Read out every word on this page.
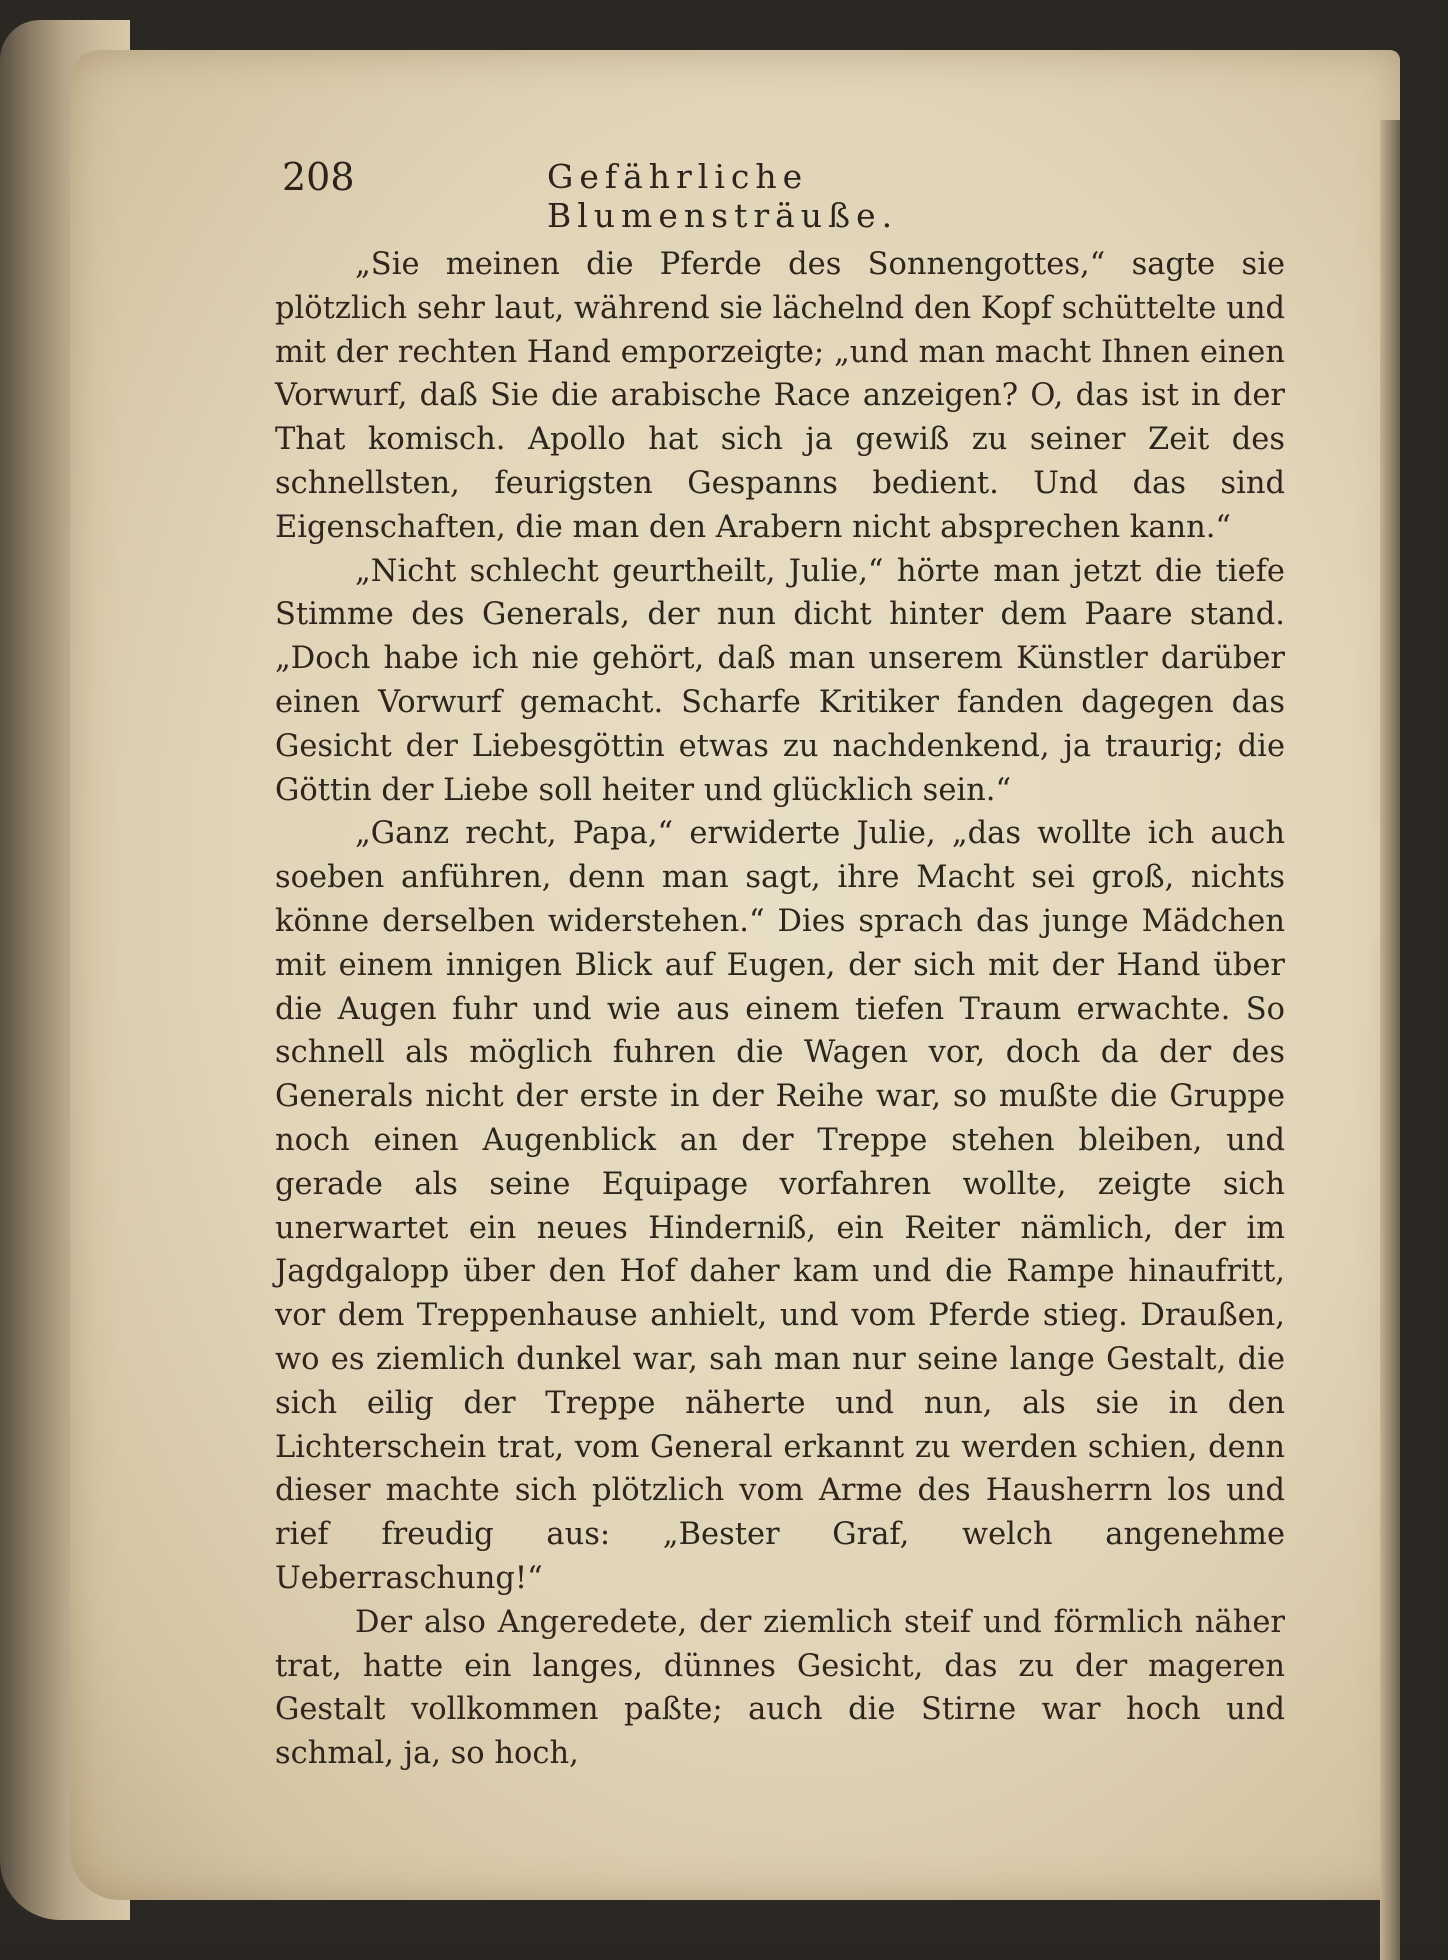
208	Gefährliche Blumensträuße.

„Sie meinen die Pferde des Sonnengottes,“ sagte sie plötzlich sehr laut, während sie lächelnd den Kopf schüttelte und mit der rechten Hand emporzeigte; „und man macht Ihnen einen Vorwurf, daß Sie die arabische Race anzeigen? O, das ist in der That komisch. Apollo hat sich ja gewiß zu seiner Zeit des schnellsten, feurigsten Gespanns bedient. Und das sind Eigenschaften, die man den Arabern nicht absprechen kann.“

„Nicht schlecht geurtheilt, Julie,“ hörte man jetzt die tiefe Stimme des Generals, der nun dicht hinter dem Paare stand. „Doch habe ich nie gehört, daß man unserem Künstler darüber einen Vorwurf gemacht. Scharfe Kritiker fanden dagegen das Gesicht der Liebesgöttin etwas zu nachdenkend, ja traurig; die Göttin der Liebe soll heiter und glücklich sein.“

„Ganz recht, Papa,“ erwiderte Julie, „das wollte ich auch soeben anführen, denn man sagt, ihre Macht sei groß, nichts könne derselben widerstehen.“ Dies sprach das junge Mädchen mit einem innigen Blick auf Eugen, der sich mit der Hand über die Augen fuhr und wie aus einem tiefen Traum erwachte. So schnell als möglich fuhren die Wagen vor, doch da der des Generals nicht der erste in der Reihe war, so mußte die Gruppe noch einen Augenblick an der Treppe stehen bleiben, und gerade als seine Equipage vorfahren wollte, zeigte sich unerwartet ein neues Hinderniß, ein Reiter nämlich, der im Jagdgalopp über den Hof daher kam und die Rampe hinaufritt, vor dem Treppenhause anhielt, und vom Pferde stieg. Draußen, wo es ziemlich dunkel war, sah man nur seine lange Gestalt, die sich eilig der Treppe näherte und nun, als sie in den Lichterschein trat, vom General erkannt zu werden schien, denn dieser machte sich plötzlich vom Arme des Hausherrn los und rief freudig aus: „Bester Graf, welch angenehme Ueberraschung!“

Der also Angeredete, der ziemlich steif und förmlich näher trat, hatte ein langes, dünnes Gesicht, das zu der mageren Gestalt vollkommen paßte; auch die Stirne war hoch und schmal, ja, so hoch,
